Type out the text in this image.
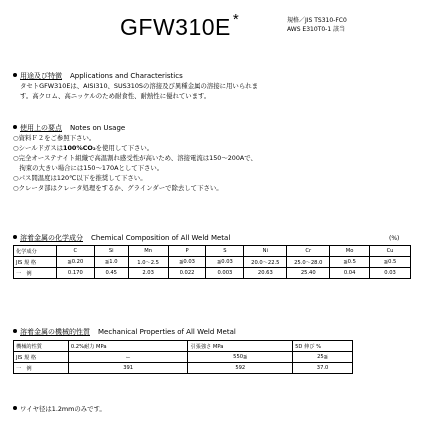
GFW310E *	規格／JIS TS310-FC0
AWS E310T0-1 該当
用途及び特徴 Applications and Characteristics
タセトGFW310Eは、AISI310、SUS310Sの溶接及び異種金属の溶接に用いられま
す。高クロム、高ニッケルのため耐食性、耐熱性に優れています。
使用上の要点 Notes on Usage
○資料Ｆ２をご参照下さい。
○シールドガスは100%CO₂を使用して下さい。
○完全オーステナイト組織で高温割れ感受性が高いため、溶接電流は150～200Aで、
　拘束の大きい場合には150～170Aとして下さい。
○パス間温度は120℃以下を推奨して下さい。
○クレータ部はクレータ処理をするか、グラインダーで除去して下さい。
溶着金属の化学成分 Chemical Composition of All Weld Metal	(%)
化学成分	C	Si	Mn	P	S	Ni	Cr	Mo	Cu
JIS 規 格	≦0.20	≦1.0	1.0～2.5	≦0.03	≦0.03	20.0～22.5	25.0～28.0	≦0.5	≦0.5
一　例	0.170	0.45	2.03	0.022	0.003	20.63	25.40	0.04	0.03
溶着金属の機械的性質 Mechanical Properties of All Weld Metal
機械的性質	0.2%耐力 MPa	引張強さ MPa	5D 伸び %
JIS 規 格	ー	550≦	25≦
一　例	391	592	37.0
ワイヤ径は1.2mmのみです。
